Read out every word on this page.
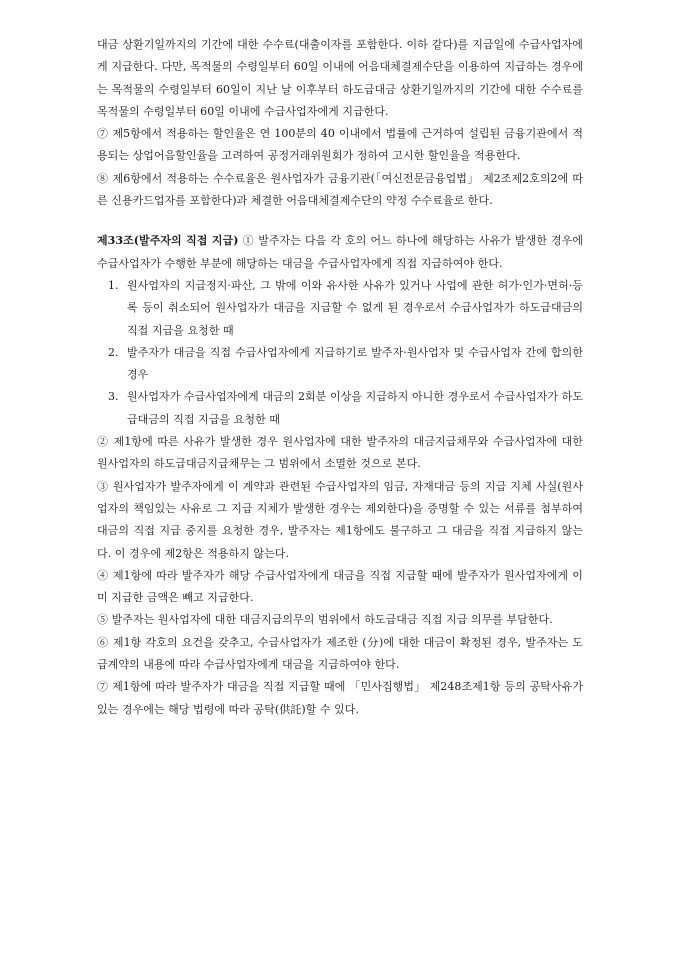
대금 상환기일까지의 기간에 대한 수수료(대출이자를 포함한다. 이하 같다)를 지급일에 수급사업자에게 지급한다. 다만, 목적물의 수령일부터 60일 이내에 어음대체결제수단을 이용하여 지급하는 경우에는 목적물의 수령일부터 60일이 지난 날 이후부터 하도급대금 상환기일까지의 기간에 대한 수수료를 목적물의 수령일부터 60일 이내에 수급사업자에게 지급한다.

⑦ 제5항에서 적용하는 할인율은 연 100분의 40 이내에서 법률에 근거하여 설립된 금융기관에서 적용되는 상업어음할인율을 고려하여 공정거래위원회가 정하여 고시한 할인율을 적용한다.

⑧ 제6항에서 적용하는 수수료율은 원사업자가 금융기관(「여신전문금융업법」 제2조제2호의2에 따른 신용카드업자를 포함한다)과 체결한 어음대체결제수단의 약정 수수료율로 한다.

제33조(발주자의 직접 지급) ① 발주자는 다음 각 호의 어느 하나에 해당하는 사유가 발생한 경우에 수급사업자가 수행한 부분에 해당하는 대금을 수급사업자에게 직접 지급하여야 한다.

1. 원사업자의 지급정지·파산, 그 밖에 이와 유사한 사유가 있거나 사업에 관한 허가·인가·면허·등록 등이 취소되어 원사업자가 대금을 지급할 수 없게 된 경우로서 수급사업자가 하도급대금의 직접 지급을 요청한 때
2. 발주자가 대금을 직접 수급사업자에게 지급하기로 발주자·원사업자 및 수급사업자 간에 합의한 경우
3. 원사업자가 수급사업자에게 대금의 2회분 이상을 지급하지 아니한 경우로서 수급사업자가 하도급대금의 직접 지급을 요청한 때

② 제1항에 따른 사유가 발생한 경우 원사업자에 대한 발주자의 대금지급채무와 수급사업자에 대한 원사업자의 하도급대금지급채무는 그 범위에서 소멸한 것으로 본다.

③ 원사업자가 발주자에게 이 계약과 관련된 수급사업자의 임금, 자재대금 등의 지급 지체 사실(원사업자의 책임있는 사유로 그 지급 지체가 발생한 경우는 제외한다)을 증명할 수 있는 서류를 첨부하여 대금의 직접 지급 중지를 요청한 경우, 발주자는 제1항에도 불구하고 그 대금을 직접 지급하지 않는다. 이 경우에 제2항은 적용하지 않는다.

④ 제1항에 따라 발주자가 해당 수급사업자에게 대금을 직접 지급할 때에 발주자가 원사업자에게 이미 지급한 금액은 빼고 지급한다.

⑤ 발주자는 원사업자에 대한 대금지급의무의 범위에서 하도급대금 직접 지급 의무를 부담한다.

⑥ 제1항 각호의 요건을 갖추고, 수급사업자가 제조한 (分)에 대한 대금이 확정된 경우, 발주자는 도급계약의 내용에 따라 수급사업자에게 대금을 지급하여야 한다.

⑦ 제1항에 따라 발주자가 대금을 직접 지급할 때에 「민사집행법」 제248조제1항 등의 공탁사유가 있는 경우에는 해당 법령에 따라 공탁(供託)할 수 있다.
